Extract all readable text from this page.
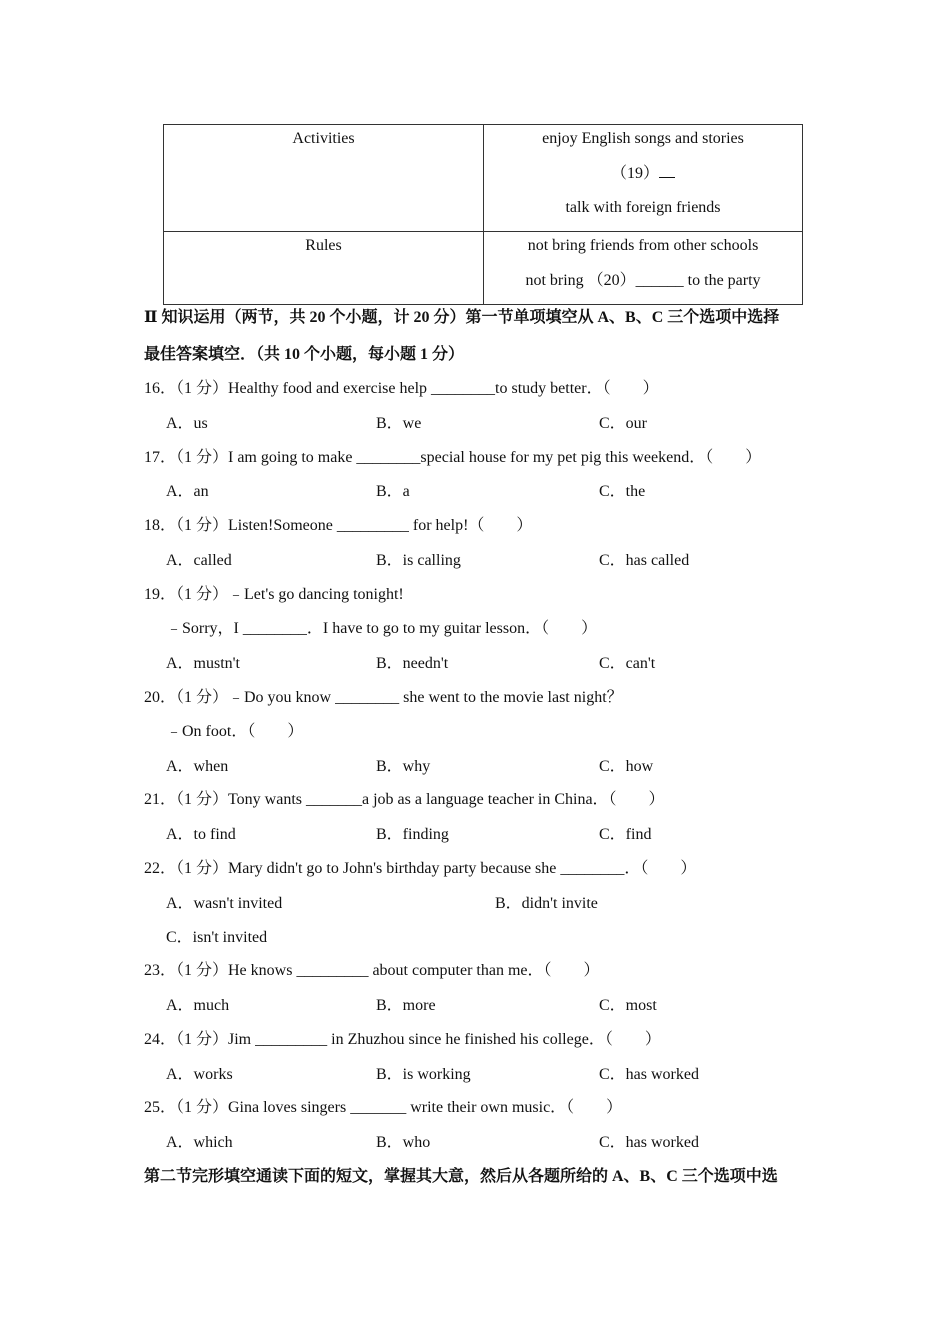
Activities	enjoy English songs and stories
（19）
talk with foreign friends

Rules	not bring friends from other schools
not bring （20）______ to the party
Ⅱ 知识运用（两节，共 20 个小题，计 20 分）第一节单项填空从 A、B、C 三个选项中选择
最佳答案填空．（共 10 个小题，每小题 1 分）
16．（1 分）Healthy food and exercise help ________to study better．（　　）
A．us	B．we	C．our
17．（1 分）I am going to make ________special house for my pet pig this weekend．（　　）
A．an	B．a	C．the
18．（1 分）Listen!Someone _________ for help!（　　）
A．called	B．is calling	C．has called
19．（1 分）﹣Let's go dancing tonight!
﹣Sorry，I ________．I have to go to my guitar lesson．（　　）
A．mustn't	B．needn't	C．can't
20．（1 分）﹣Do you know ________ she went to the movie last night？
﹣On foot．（　　）
A．when	B．why	C．how
21．（1 分）Tony wants _______a job as a language teacher in China．（　　）
A．to find	B．finding	C．find
22．（1 分）Mary didn't go to John's birthday party because she ________．（　　）
A．wasn't invited	B．didn't invite
C．isn't invited
23．（1 分）He knows _________ about computer than me．（　　）
A．much	B．more	C．most
24．（1 分）Jim _________ in Zhuzhou since he finished his college．（　　）
A．works	B．is working	C．has worked
25．（1 分）Gina loves singers _______ write their own music．（　　）
A．which	B．who	C．has worked
第二节完形填空通读下面的短文，掌握其大意，然后从各题所给的 A、B、C 三个选项中选
